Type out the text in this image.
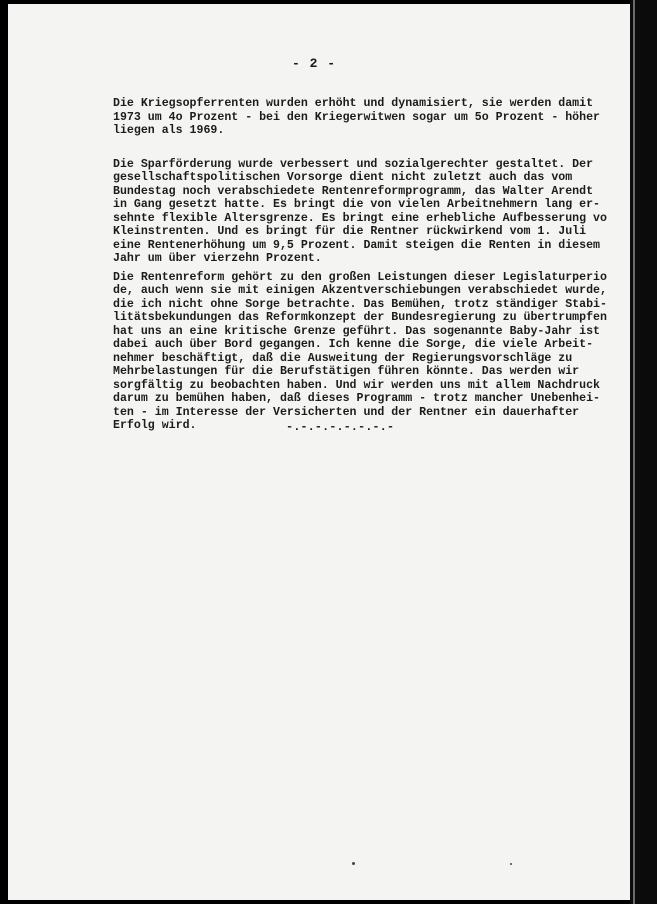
- 2 -

Die Kriegsopferrenten wurden erhöht und dynamisiert, sie werden damit
1973 um 4o Prozent - bei den Kriegerwitwen sogar um 5o Prozent - höher
liegen als 1969.

Die Sparförderung wurde verbessert und sozialgerechter gestaltet. Der
gesellschaftspolitischen Vorsorge dient nicht zuletzt auch das vom
Bundestag noch verabschiedete Rentenreformprogramm, das Walter Arendt
in Gang gesetzt hatte. Es bringt die von vielen Arbeitnehmern lang er-
sehnte flexible Altersgrenze. Es bringt eine erhebliche Aufbesserung vo
Kleinstrenten. Und es bringt für die Rentner rückwirkend vom 1. Juli
eine Rentenerhöhung um 9,5 Prozent. Damit steigen die Renten in diesem
Jahr um über vierzehn Prozent.

Die Rentenreform gehört zu den großen Leistungen dieser Legislaturperio
de, auch wenn sie mit einigen Akzentverschiebungen verabschiedet wurde,
die ich nicht ohne Sorge betrachte. Das Bemühen, trotz ständiger Stabi-
litätsbekundungen das Reformkonzept der Bundesregierung zu übertrumpfen
hat uns an eine kritische Grenze geführt. Das sogenannte Baby-Jahr ist
dabei auch über Bord gegangen. Ich kenne die Sorge, die viele Arbeit-
nehmer beschäftigt, daß die Ausweitung der Regierungsvorschläge zu
Mehrbelastungen für die Berufstätigen führen könnte. Das werden wir
sorgfältig zu beobachten haben. Und wir werden uns mit allem Nachdruck
darum zu bemühen haben, daß dieses Programm - trotz mancher Unebenhei-
ten - im Interesse der Versicherten und der Rentner ein dauerhafter
Erfolg wird.	-.-.-.-.-.-.-.-
